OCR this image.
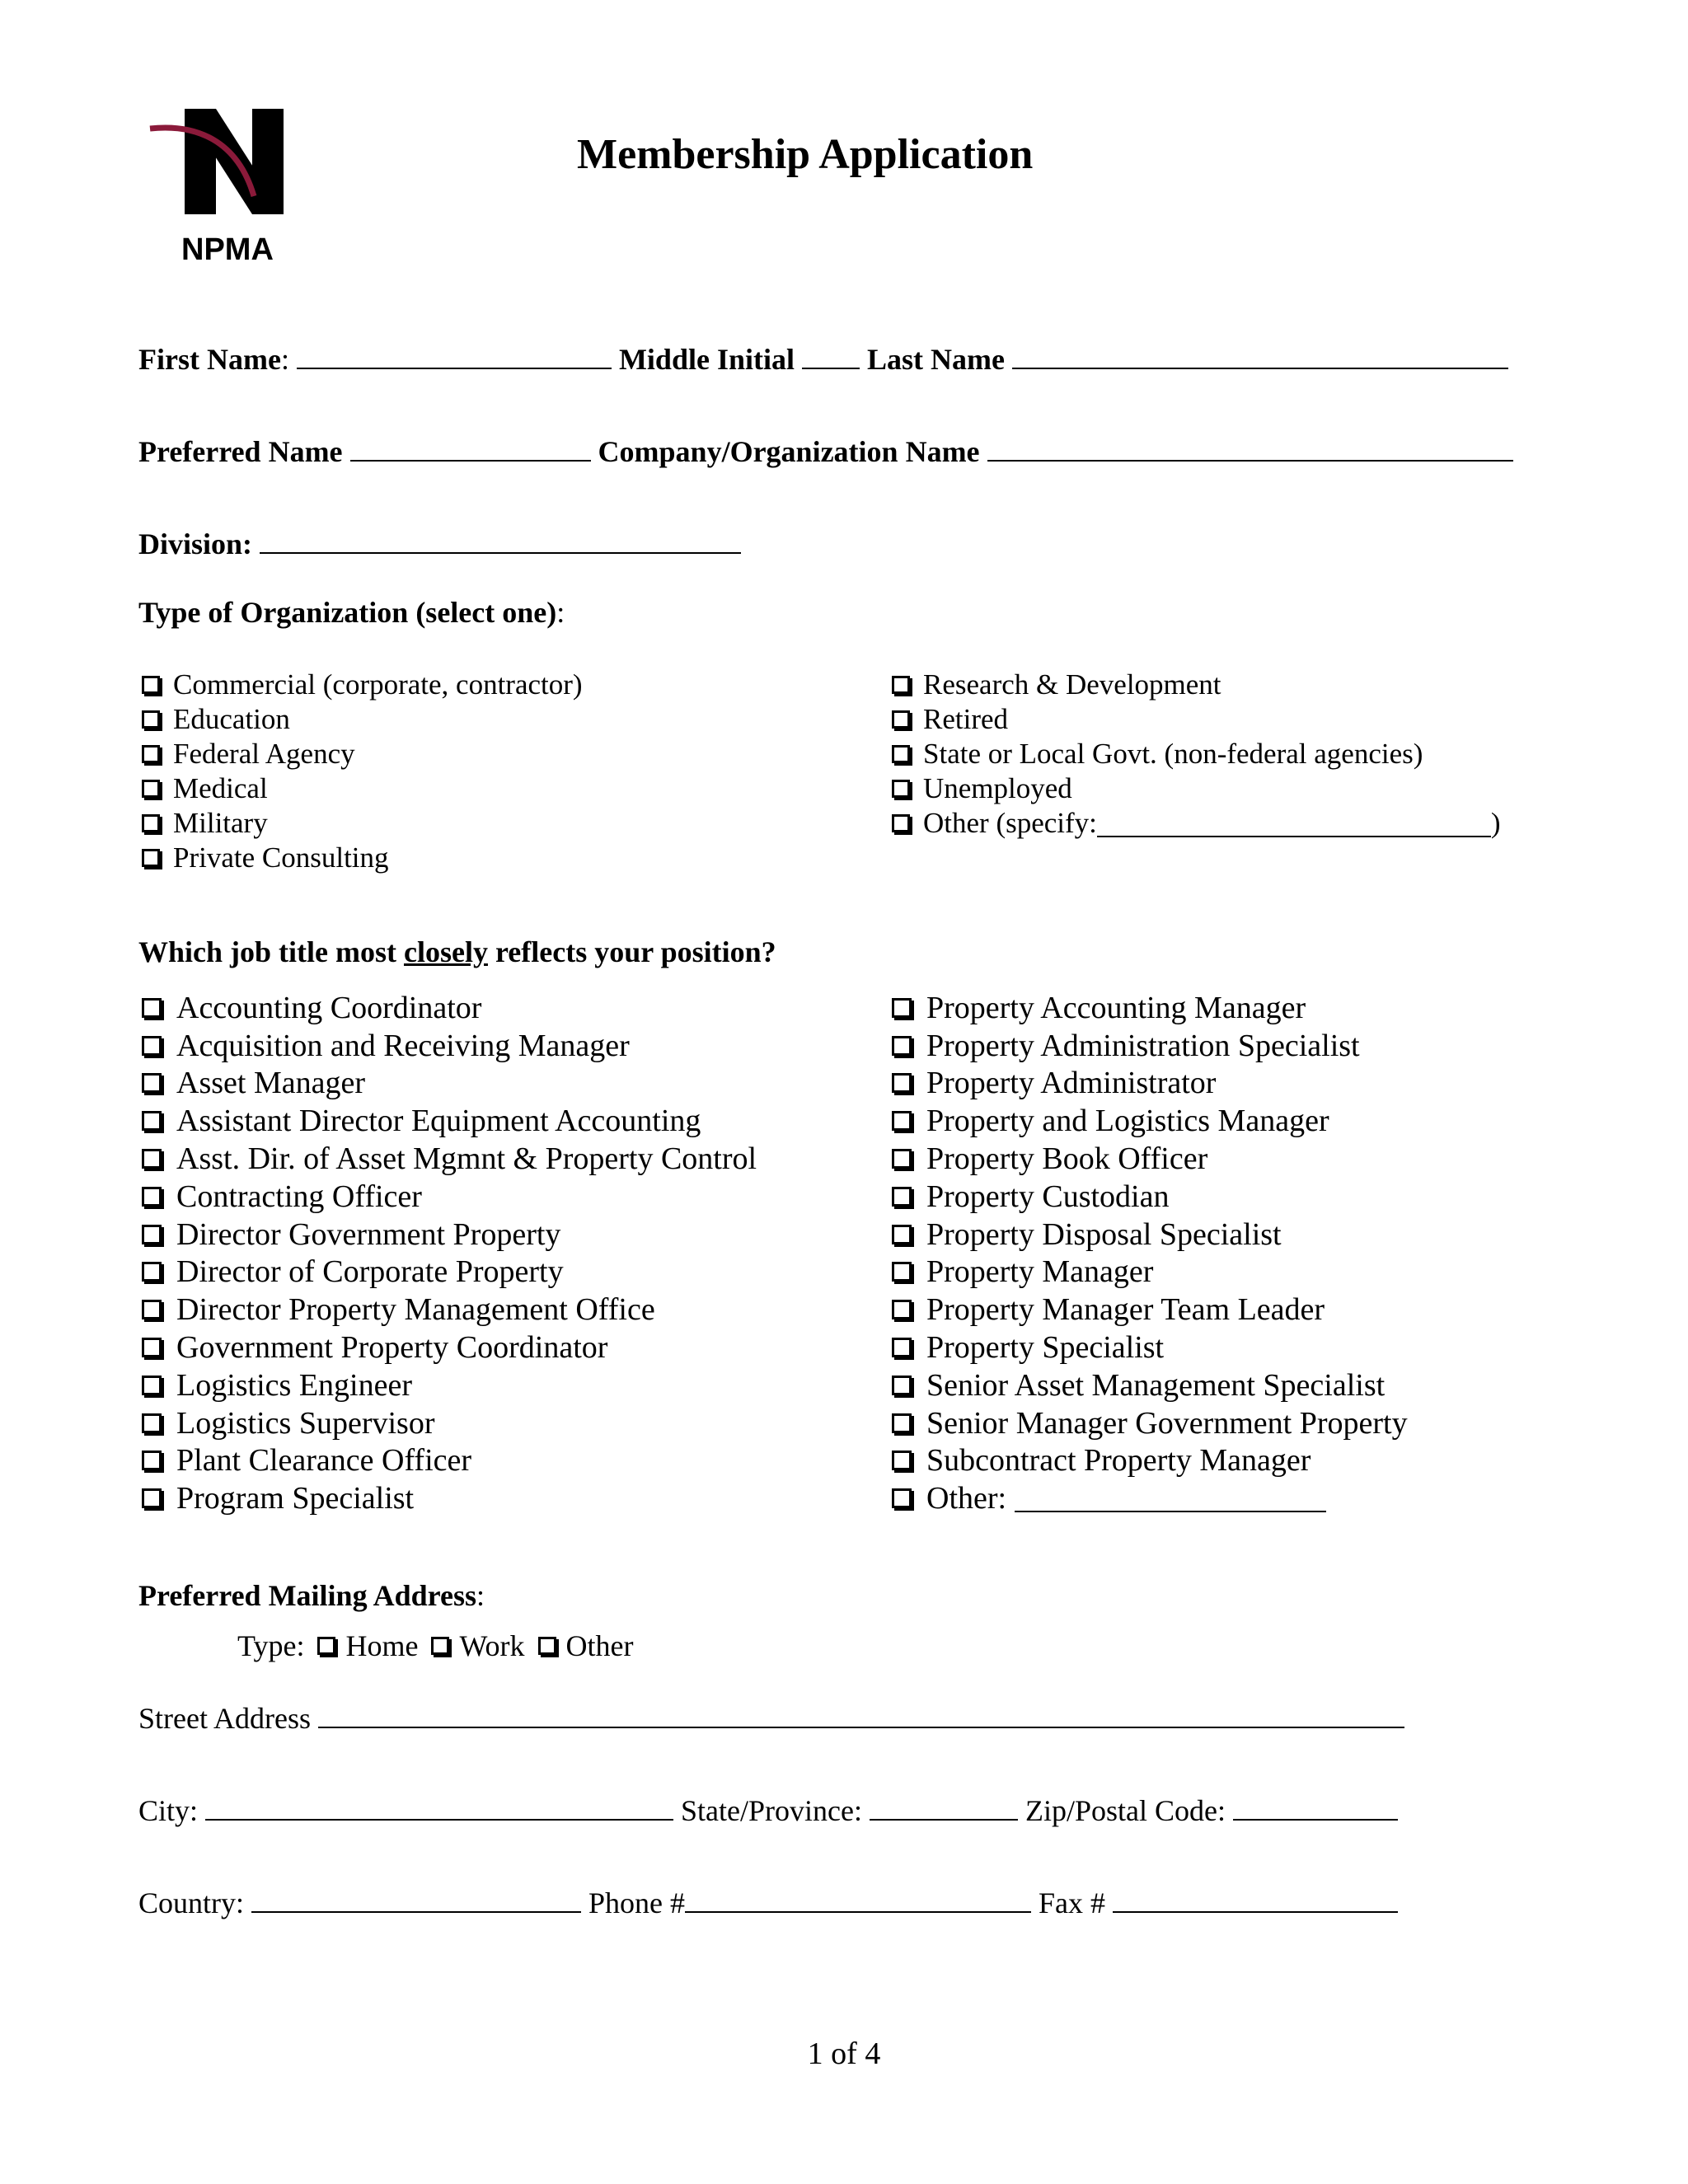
NPMA
Membership Application
First Name:	Middle Initial Last Name
Preferred Name	Company/Organization Name
Division:
Type of Organization (select one):
Commercial (corporate, contractor)
Education
Federal Agency
Medical
Military
Private Consulting
Research & Development
Retired
State or Local Govt. (non-federal agencies)
Unemployed
Other (specify:	)
Which job title most closely reflects your position?
Accounting Coordinator
Acquisition and Receiving Manager
Asset Manager
Assistant Director Equipment Accounting
Asst. Dir. of Asset Mgmnt & Property Control
Contracting Officer
Director Government Property
Director of Corporate Property
Director Property Management Office
Government Property Coordinator
Logistics Engineer
Logistics Supervisor
Plant Clearance Officer
Program Specialist
Property Accounting Manager
Property Administration Specialist
Property Administrator
Property and Logistics Manager
Property Book Officer
Property Custodian
Property Disposal Specialist
Property Manager
Property Manager Team Leader
Property Specialist
Senior Asset Management Specialist
Senior Manager Government Property
Subcontract Property Manager
Other:
Preferred Mailing Address:
Type: Home Work Other
Street Address
City:	State/Province:	Zip/Postal Code:
Country:	Phone #	Fax #
1 of 4
